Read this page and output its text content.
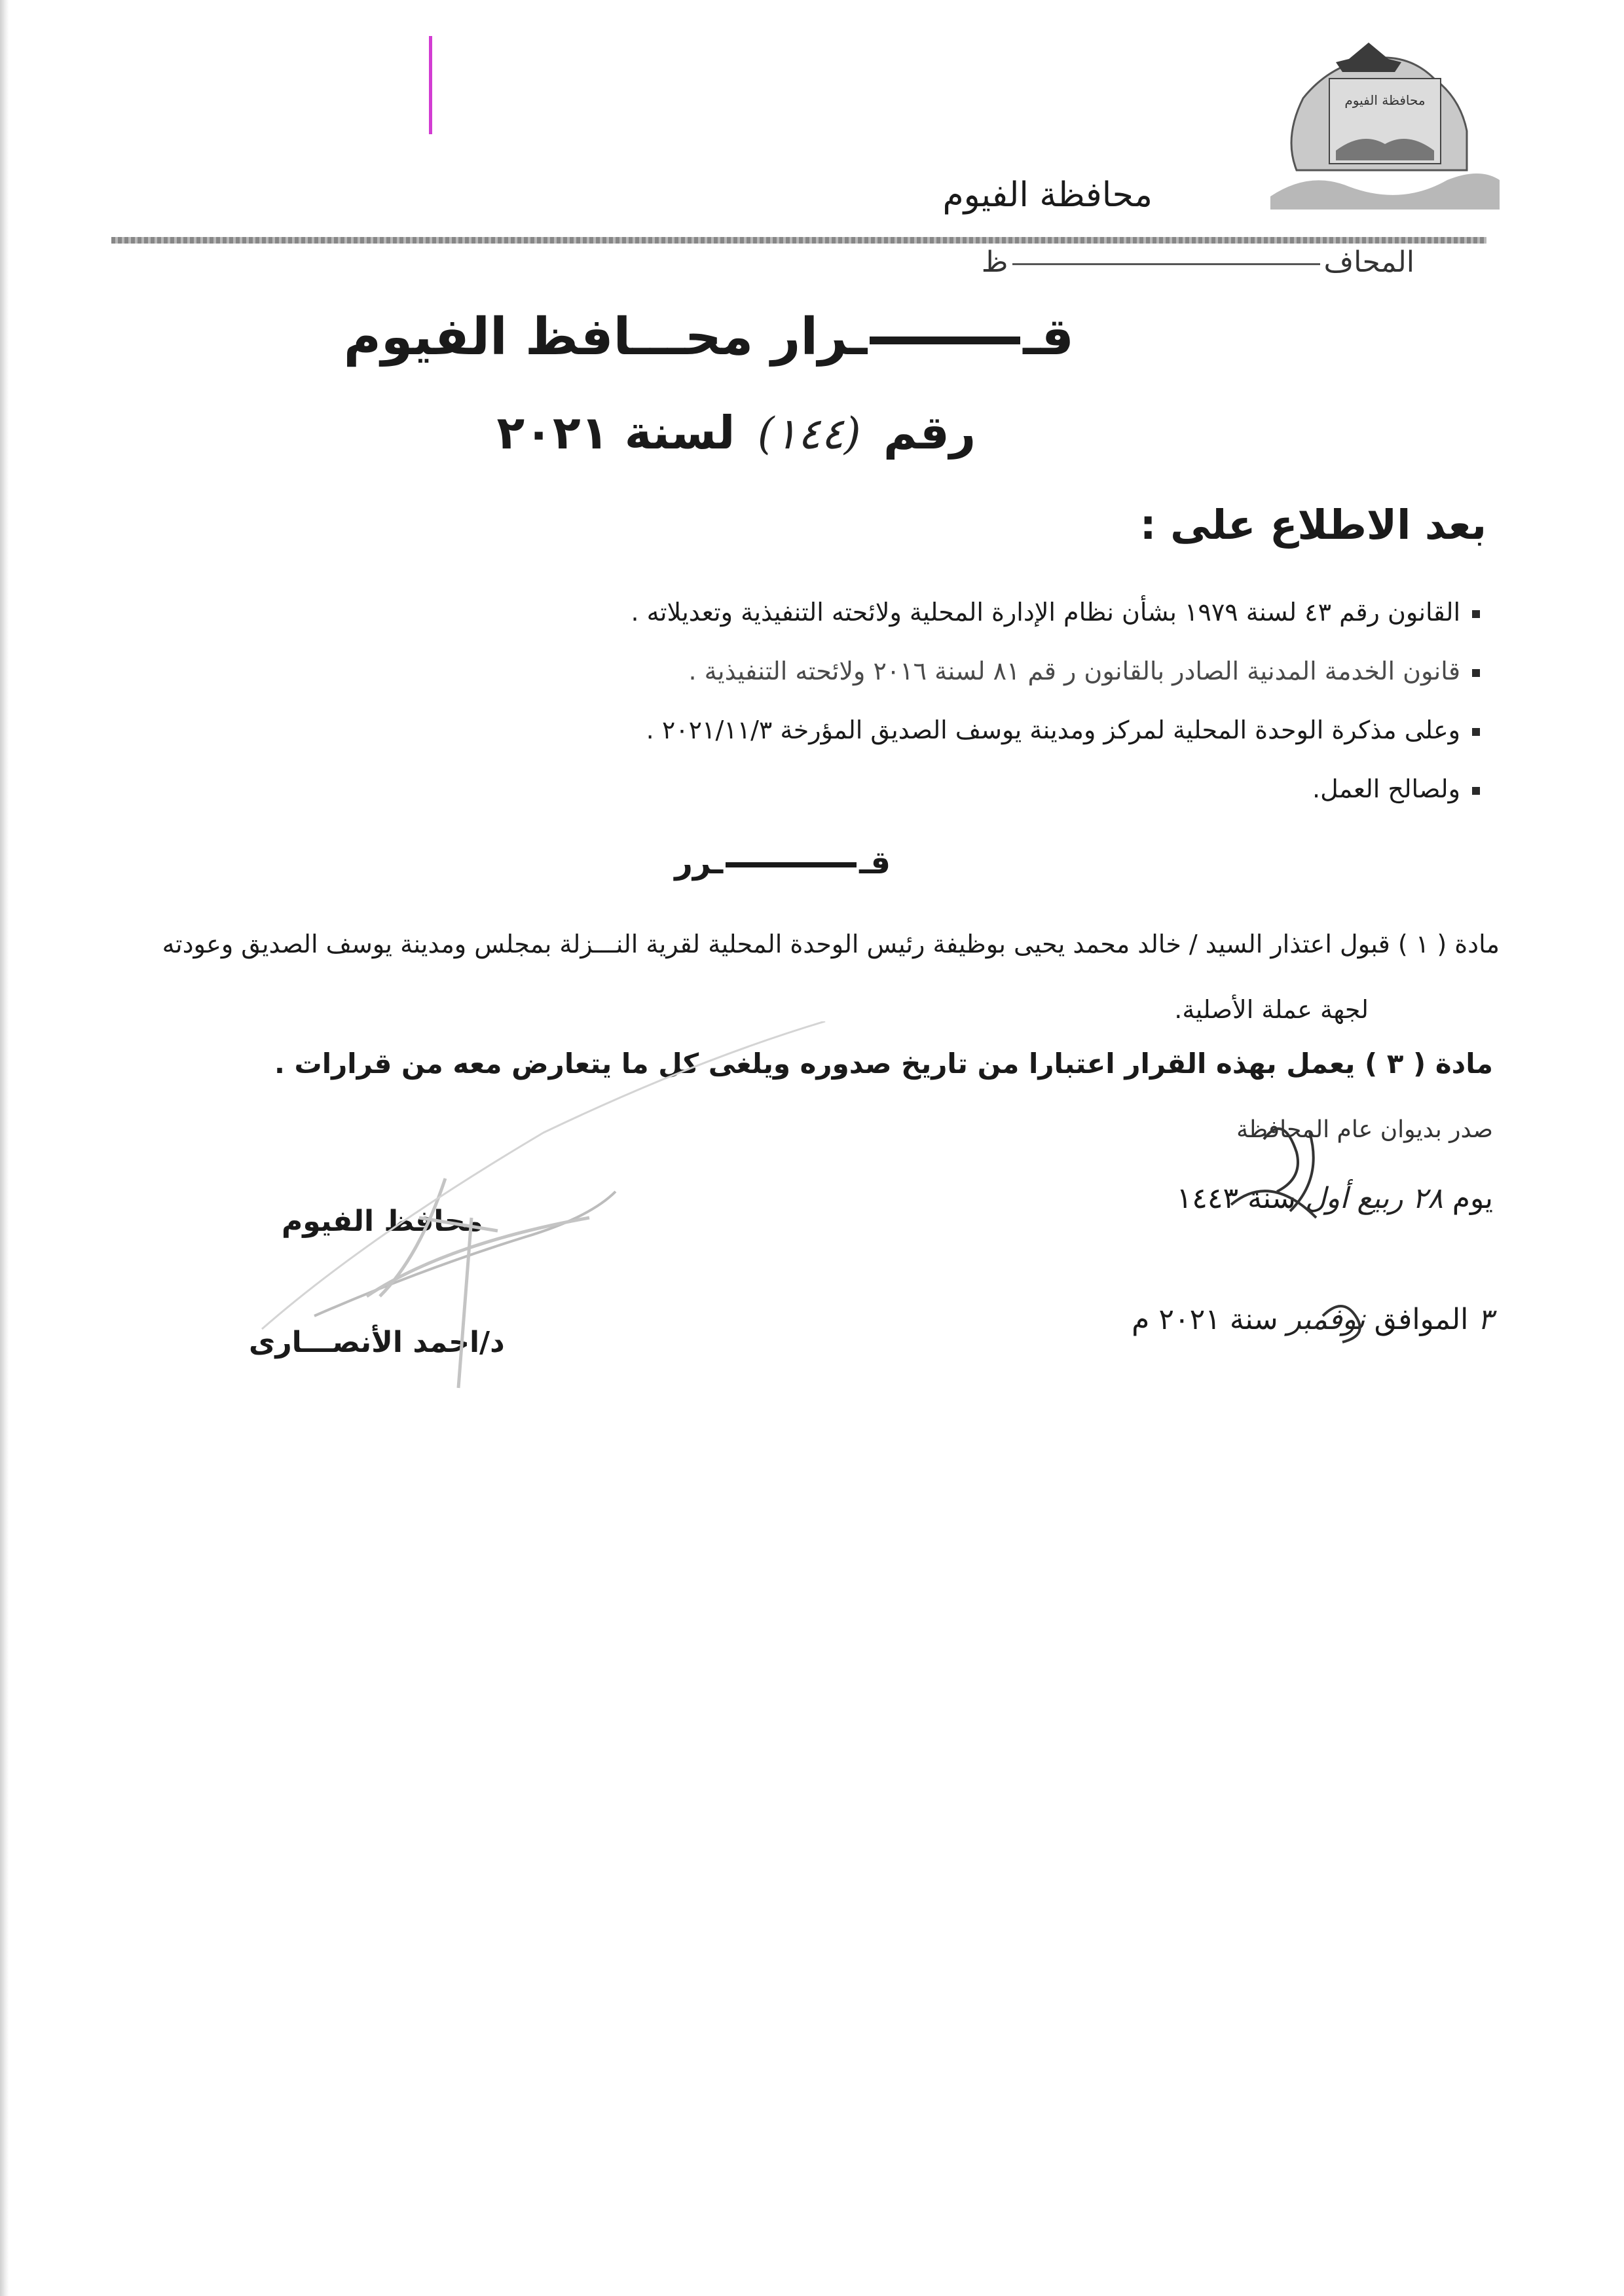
محافظة الفيوم
محافظة الفيوم
المحافظ
قــرار محـــافظ الفيوم
رقم (١٤٤) لسنة ٢٠٢١
بعد الاطلاع على :
القانون رقم ٤٣ لسنة ١٩٧٩ بشأن نظام الإدارة المحلية ولائحته التنفيذية وتعديلاته .
قانون الخدمة المدنية الصادر بالقانون ر قم ٨١ لسنة ٢٠١٦ ولائحته التنفيذية .
وعلى مذكرة الوحدة المحلية لمركز ومدينة يوسف الصديق المؤرخة ٢٠٢١/١١/٣ .
ولصالح العمل.
قــرر
مادة ( ١ ) قبول اعتذار السيد / خالد محمد يحيى بوظيفة رئيس الوحدة المحلية لقرية النـــزلة بمجلس ومدينة يوسف الصديق وعودته
لجهة عملة الأصلية.
مادة ( ٣ ) يعمل بهذه القرار اعتبارا من تاريخ صدوره ويلغى كل ما يتعارض معه من قرارات .
صدر بديوان عام المحافظة
يوم ٢٨ ربيع أول سنة ١٤٤٣
٣ الموافق نوفمبر سنة ٢٠٢١ م
محافظ الفيوم
د/احمد الأنصـــارى
